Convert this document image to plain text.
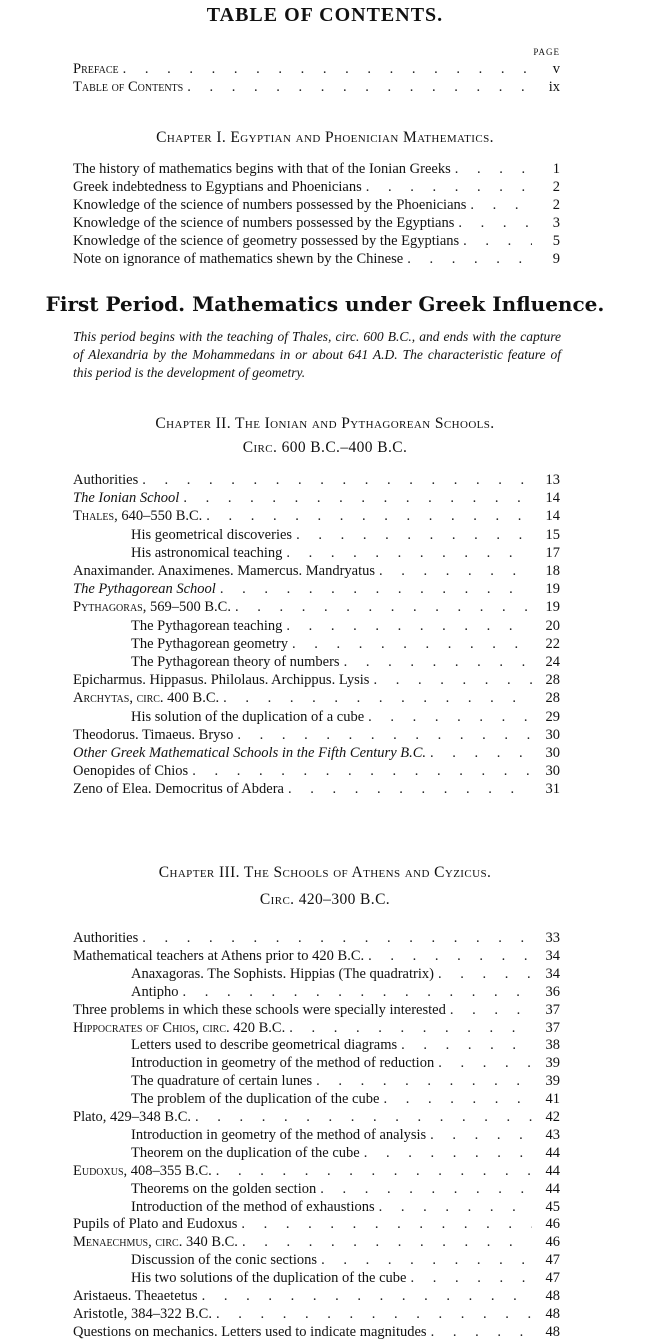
TABLE OF CONTENTS.
PAGE
Preface . . .	v
Table of Contents . . .	ix
Chapter I. Egyptian and Phoenician Mathematics.
The history of mathematics begins with that of the Ionian Greeks . . .	1
Greek indebtedness to Egyptians and Phoenicians . . .	2
Knowledge of the science of numbers possessed by the Phoenicians . . .	2
Knowledge of the science of numbers possessed by the Egyptians . . .	3
Knowledge of the science of geometry possessed by the Egyptians . . .	5
Note on ignorance of mathematics shewn by the Chinese . . .	9
First Period. Mathematics under Greek Influence.
This period begins with the teaching of Thales, circ. 600 B.C., and ends with the capture of Alexandria by the Mohammedans in or about 641 A.D. The characteristic feature of this period is the development of geometry.
Chapter II. The Ionian and Pythagorean Schools.
Circ. 600 B.C.–400 B.C.
Authorities . . .	13
The Ionian School . . .	14
Thales, 640–550 B.C. . . .	14
His geometrical discoveries . . .	15
His astronomical teaching . . .	17
Anaximander. Anaximenes. Mamercus. Mandryatus . . .	18
The Pythagorean School . . .	19
Pythagoras, 569–500 B.C. . . .	19
The Pythagorean teaching . . .	20
The Pythagorean geometry . . .	22
The Pythagorean theory of numbers . . .	24
Epicharmus. Hippasus. Philolaus. Archippus. Lysis . . .	28
Archytas, circ. 400 B.C. . . .	28
His solution of the duplication of a cube . . .	29
Theodorus. Timaeus. Bryso . . .	30
Other Greek Mathematical Schools in the Fifth Century B.C. . . .	30
Oenopides of Chios . . .	30
Zeno of Elea. Democritus of Abdera . . .	31
Chapter III. The Schools of Athens and Cyzicus.
Circ. 420–300 B.C.
Authorities . . .	33
Mathematical teachers at Athens prior to 420 B.C. . . .	34
Anaxagoras. The Sophists. Hippias (The quadratrix) . . .	34
Antipho . . .	36
Three problems in which these schools were specially interested . . .	37
Hippocrates of Chios, circ. 420 B.C. . . .	37
Letters used to describe geometrical diagrams . . .	38
Introduction in geometry of the method of reduction . . .	39
The quadrature of certain lunes . . .	39
The problem of the duplication of the cube . . .	41
Plato, 429–348 B.C. . . .	42
Introduction in geometry of the method of analysis . . .	43
Theorem on the duplication of the cube . . .	44
Eudoxus, 408–355 B.C. . . .	44
Theorems on the golden section . . .	44
Introduction of the method of exhaustions . . .	45
Pupils of Plato and Eudoxus . . .	46
Menaechmus, circ. 340 B.C. . . .	46
Discussion of the conic sections . . .	47
His two solutions of the duplication of the cube . . .	47
Aristaeus. Theaetetus . . .	48
Aristotle, 384–322 B.C. . . .	48
Questions on mechanics. Letters used to indicate magnitudes . . .	48
